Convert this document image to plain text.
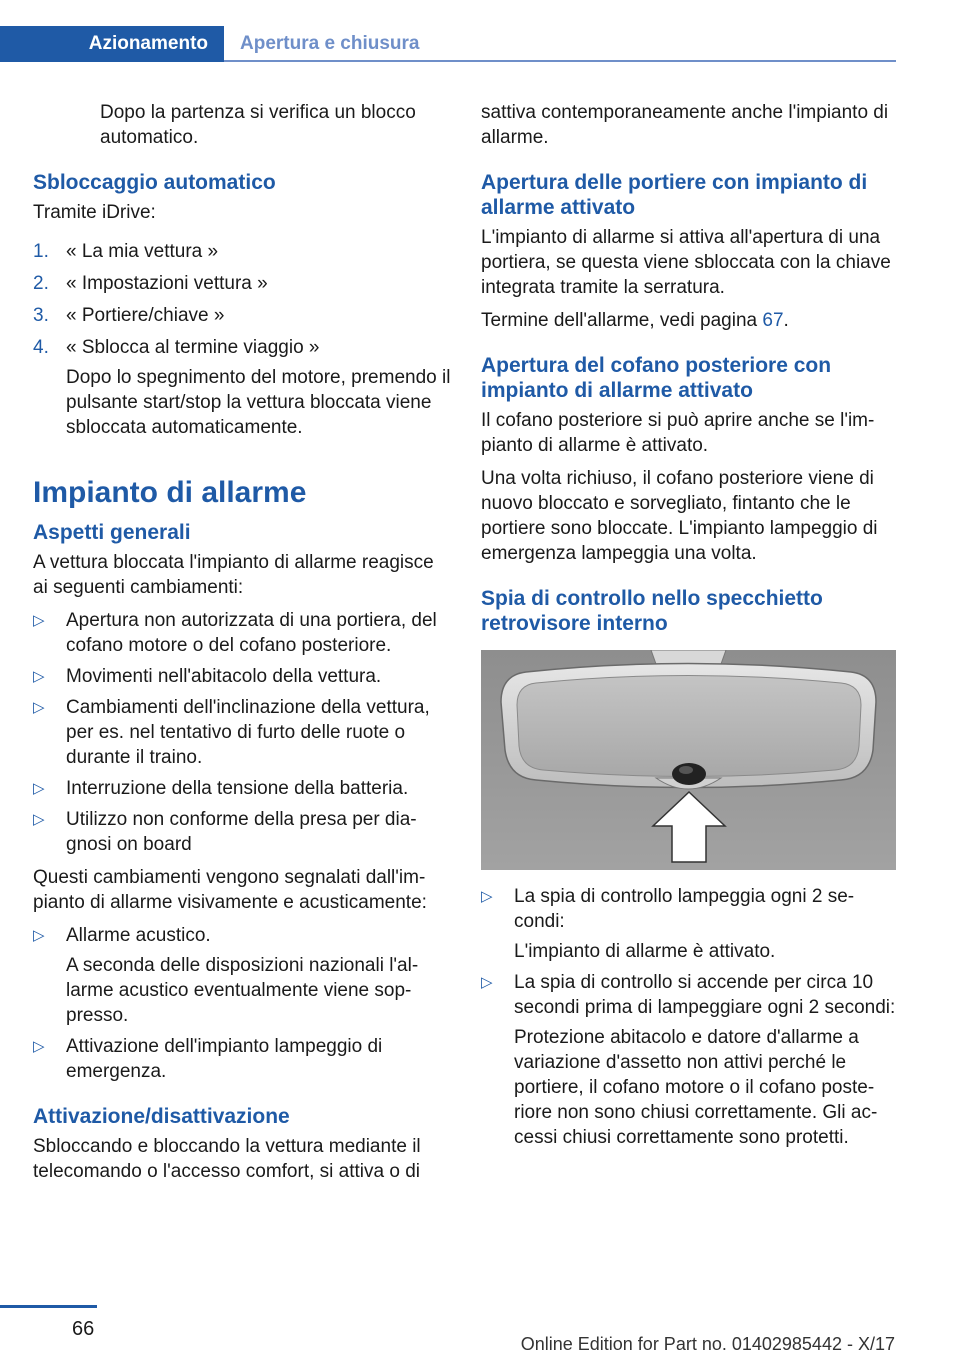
Azionamento	Apertura e chiusura

Dopo la partenza si verifica un blocco automatico.

Sbloccaggio automatico

Tramite iDrive:

1. « La mia vettura »
2. « Impostazioni vettura »
3. « Portiere/chiave »
4. « Sblocca al termine viaggio »
Dopo lo spegnimento del motore, premendo il pulsante start/stop la vettura bloccata viene sbloccata automaticamente.
Impianto di allarme
Aspetti generali

A vettura bloccata l'impianto di allarme reagisce ai seguenti cambiamenti:

▷ Apertura non autorizzata di una portiera, del cofano motore o del cofano posteriore.
▷ Movimenti nell'abitacolo della vettura.
▷ Cambiamenti dell'inclinazione della vettura, per es. nel tentativo di furto delle ruote o durante il traino.
▷ Interruzione della tensione della batteria.
▷ Utilizzo non conforme della presa per diagnosi on board

Questi cambiamenti vengono segnalati dall'impianto di allarme visivamente e acusticamente:

▷ Allarme acustico.
A seconda delle disposizioni nazionali l'allarme acustico eventualmente viene soppresso.
▷ Attivazione dell'impianto lampeggio di emergenza.
Attivazione/disattivazione

Sbloccando e bloccando la vettura mediante il telecomando o l'accesso comfort, si attiva o di

sattiva contemporaneamente anche l'impianto di allarme.

Apertura delle portiere con impianto di allarme attivato

L'impianto di allarme si attiva all'apertura di una portiera, se questa viene sbloccata con la chiave integrata tramite la serratura.

Termine dell'allarme, vedi pagina 67.

Apertura del cofano posteriore con impianto di allarme attivato

Il cofano posteriore si può aprire anche se l'impianto di allarme è attivato.

Una volta richiuso, il cofano posteriore viene di nuovo bloccato e sorvegliato, fintanto che le portiere sono bloccate. L'impianto lampeggio di emergenza lampeggia una volta.

Spia di controllo nello specchietto retrovisore interno
▷ La spia di controllo lampeggia ogni 2 secondi:
L'impianto di allarme è attivato.
▷ La spia di controllo si accende per circa 10 secondi prima di lampeggiare ogni 2 secondi:
Protezione abitacolo e datore d'allarme a variazione d'assetto non attivi perché le portiere, il cofano motore o il cofano posteriore non sono chiusi correttamente. Gli accessi chiusi correttamente sono protetti.
66
Online Edition for Part no. 01402985442 - X/17
